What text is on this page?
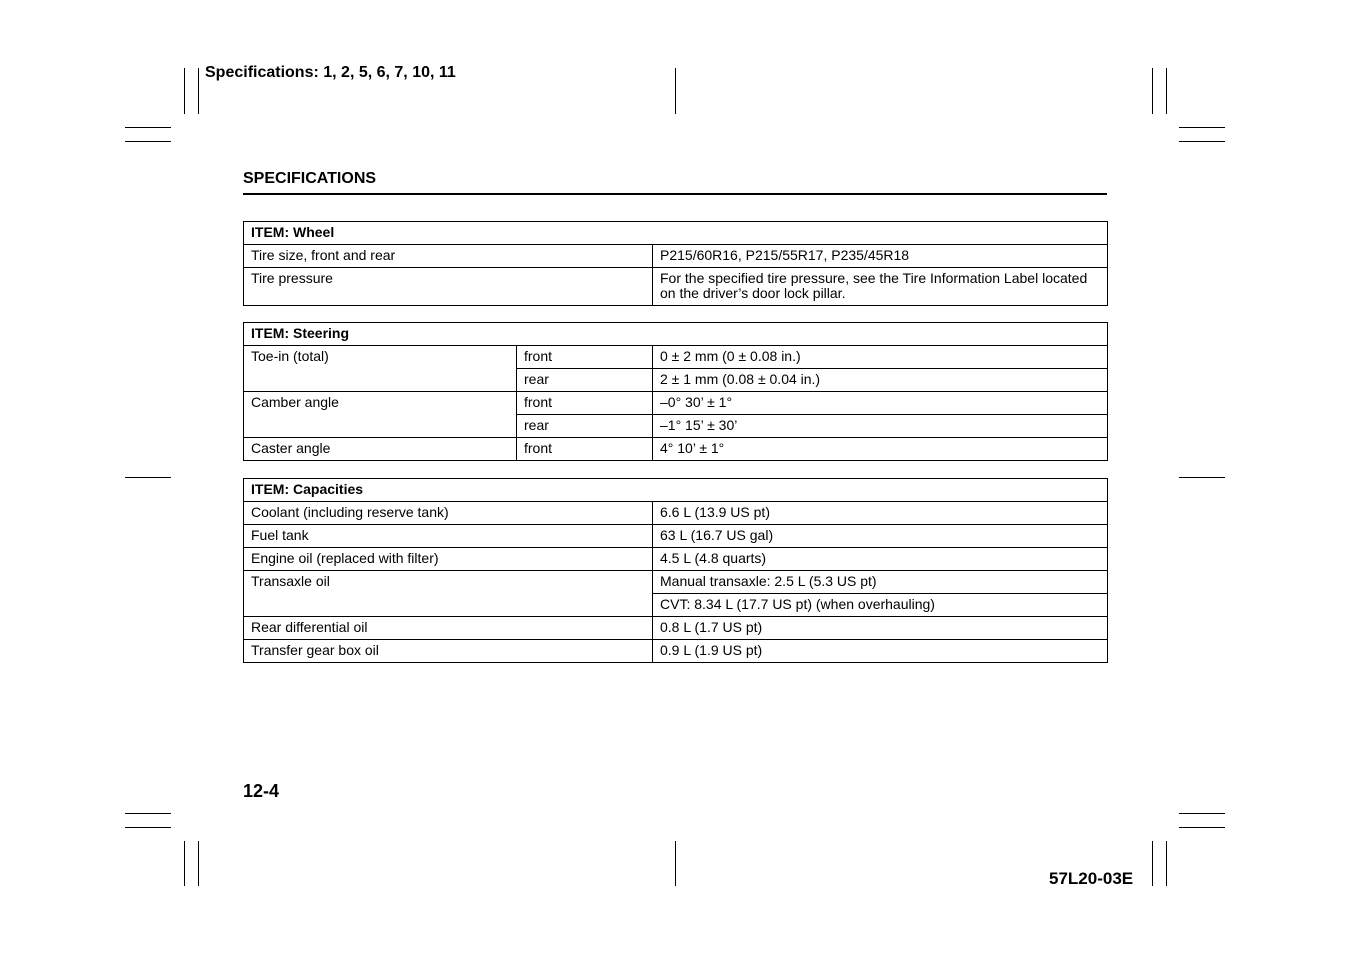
Specifications: 1, 2, 5, 6, 7, 10, 11
SPECIFICATIONS
ITEM: Wheel	
Tire size, front and rear	P215/60R16, P215/55R17, P235/45R18
Tire pressure	For the specified tire pressure, see the Tire Information Label located on the driver’s door lock pillar.
ITEM: Steering		
Toe-in (total)	front	0 ± 2 mm (0 ± 0.08 in.)
	rear	2 ± 1 mm (0.08 ± 0.04 in.)
Camber angle	front	–0° 30’ ± 1°
	rear	–1° 15’ ± 30’
Caster angle	front	4° 10’ ± 1°
ITEM: Capacities	
Coolant (including reserve tank)	6.6 L (13.9 US pt)
Fuel tank	63 L (16.7 US gal)
Engine oil (replaced with filter)	4.5 L (4.8 quarts)
Transaxle oil	Manual transaxle: 2.5 L (5.3 US pt)
	CVT: 8.34 L (17.7 US pt) (when overhauling)
Rear differential oil	0.8 L (1.7 US pt)
Transfer gear box oil	0.9 L (1.9 US pt)
12-4
57L20-03E
